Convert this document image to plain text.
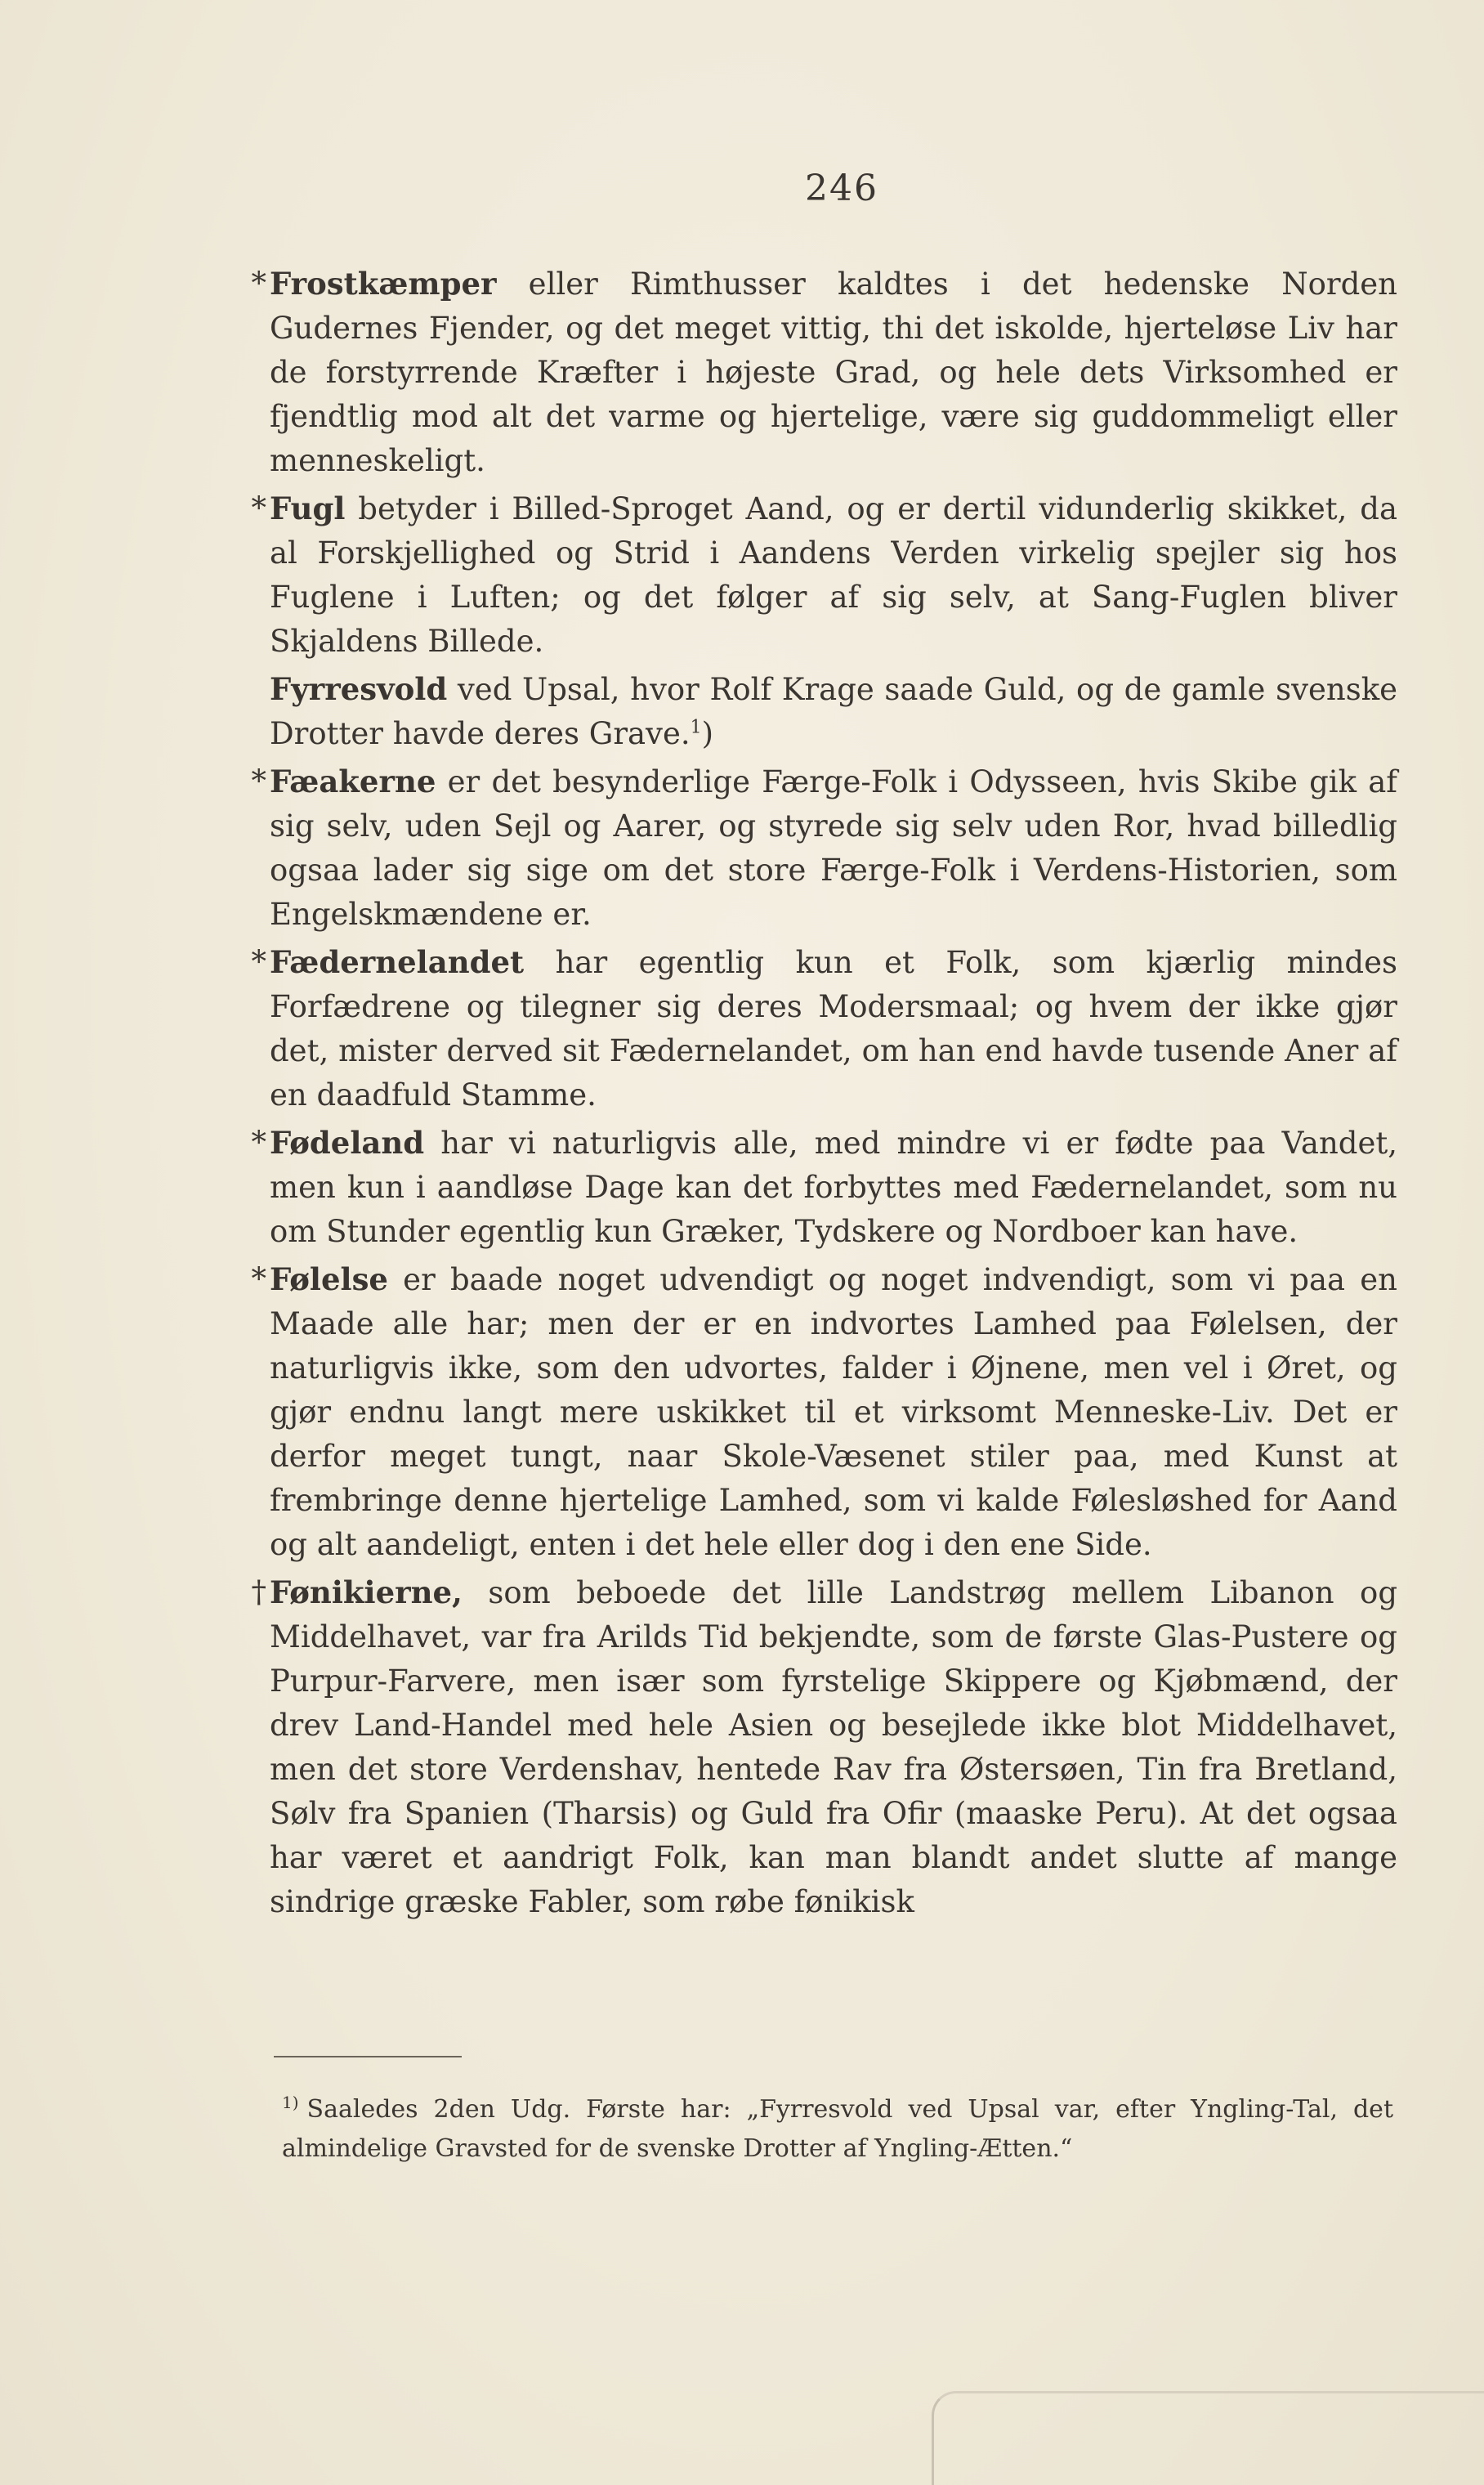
246
* Frostkæmper eller Rimthusser kaldtes i det hedenske Norden Gudernes Fjender, og det meget vittig, thi det iskolde, hjerteløse Liv har de forstyrrende Kræfter i højeste Grad, og hele dets Virksomhed er fjendtlig mod alt det varme og hjertelige, være sig guddommeligt eller menneskeligt.

* Fugl betyder i Billed-Sproget Aand, og er dertil vidunderlig skikket, da al Forskjellighed og Strid i Aandens Verden virkelig spejler sig hos Fuglene i Luften; og det følger af sig selv, at Sang-Fuglen bliver Skjaldens Billede.

Fyrresvold ved Upsal, hvor Rolf Krage saade Guld, og de gamle svenske Drotter havde deres Grave.$^1$)

* Fæakerne er det besynderlige Færge-Folk i Odysseen, hvis Skibe gik af sig selv, uden Sejl og Aarer, og styrede sig selv uden Ror, hvad billedlig ogsaa lader sig sige om det store Færge-Folk i Verdens-Historien, som Engelskmændene er.

* Fædernelandet har egentlig kun et Folk, som kjærlig mindes Forfædrene og tilegner sig deres Modersmaal; og hvem der ikke gjør det, mister derved sit Fædernelandet, om han end havde tusende Aner af en daadfuld Stamme.

* Fødeland har vi naturligvis alle, med mindre vi er fødte paa Vandet, men kun i aandløse Dage kan det forbyttes med Fædernelandet, som nu om Stunder egentlig kun Græker, Tydskere og Nordboer kan have.

* Følelse er baade noget udvendigt og noget indvendigt, som vi paa en Maade alle har; men der er en indvortes Lamhed paa Følelsen, der naturligvis ikke, som den udvortes, falder i Øjnene, men vel i Øret, og gjør endnu langt mere uskikket til et virksomt Menneske-Liv. Det er derfor meget tungt, naar Skole-Væsenet stiler paa, med Kunst at frembringe denne hjertelige Lamhed, som vi kalde Følesløshed for Aand og alt aandeligt, enten i det hele eller dog i den ene Side.

† Fønikierne, som beboede det lille Landstrøg mellem Libanon og Middelhavet, var fra Arilds Tid bekjendte, som de første Glas-Pustere og Purpur-Farvere, men især som fyrstelige Skippere og Kjøbmænd, der drev Land-Handel med hele Asien og besejlede ikke blot Middelhavet, men det store Verdenshav, hentede Rav fra Østersøen, Tin fra Bretland, Sølv fra Spanien (Tharsis) og Guld fra Ofir (maaske Peru). At det ogsaa har været et aandrigt Folk, kan man blandt andet slutte af mange sindrige græske Fabler, som røbe fønikisk

$^{1)}$ Saaledes 2den Udg. Første har: „Fyrresvold ved Upsal var, efter Yngling-Tal, det almindelige Gravsted for de svenske Drotter af Yngling-Ætten.“
